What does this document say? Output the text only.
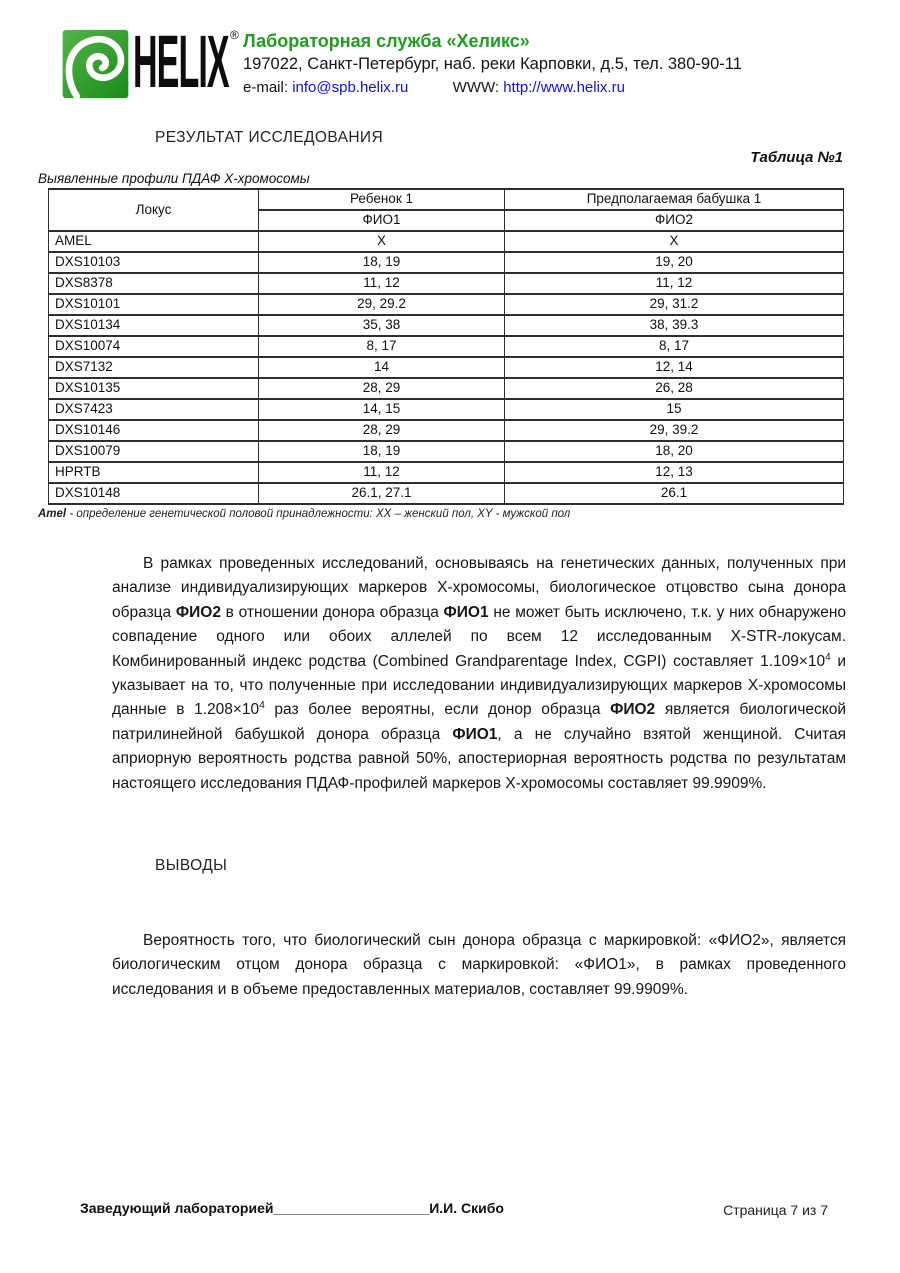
HELIX ® Лабораторная служба «Хеликс»
197022, Санкт-Петербург, наб. реки Карповки, д.5, тел. 380-90-11
e-mail: info@spb.helix.ru	WWW: http://www.helix.ru
РЕЗУЛЬТАТ ИССЛЕДОВАНИЯ
Таблица №1
Выявленные профили ПДАФ Х-хромосомы
Локус	Ребенок 1	Предполагаемая бабушка 1
	ФИО1	ФИО2
AMEL	X	X
DXS10103	18, 19	19, 20
DXS8378	11, 12	11, 12
DXS10101	29, 29.2	29, 31.2
DXS10134	35, 38	38, 39.3
DXS10074	8, 17	8, 17
DXS7132	14	12, 14
DXS10135	28, 29	26, 28
DXS7423	14, 15	15
DXS10146	28, 29	29, 39.2
DXS10079	18, 19	18, 20
HPRTB	11, 12	12, 13
DXS10148	26.1, 27.1	26.1
Amel - определение генетической половой принадлежности: ХХ – женский пол, ХY - мужской пол

В рамках проведенных исследований, основываясь на генетических данных, полученных при анализе индивидуализирующих маркеров Х-хромосомы, биологическое отцовство сына донора образца ФИО2 в отношении донора образца ФИО1 не может быть исключено, т.к. у них обнаружено совпадение одного или обоих аллелей по всем 12 исследованным X-STR-локусам. Комбинированный индекс родства (Combined Grandparentage Index, CGPI) составляет $1.109\times 10^4$ и указывает на то, что полученные при исследовании индивидуализирующих маркеров Х-хромосомы данные в $1.208\times 10^4$ раз более вероятны, если донор образца ФИО2 является биологической патрилинейной бабушкой донора образца ФИО1, а не случайно взятой женщиной. Считая априорную вероятность родства равной 50%, апостериорная вероятность родства по результатам настоящего исследования ПДАФ-профилей маркеров Х-хромосомы составляет 99.9909%.

ВЫВОДЫ

Вероятность того, что биологический сын донора образца с маркировкой: «ФИО2», является биологическим отцом донора образца с маркировкой: «ФИО1», в рамках проведенного исследования и в объеме предоставленных материалов, составляет 99.9909%.

Заведующий лабораторией____________________И.И. Скибо	Страница 7 из 7
